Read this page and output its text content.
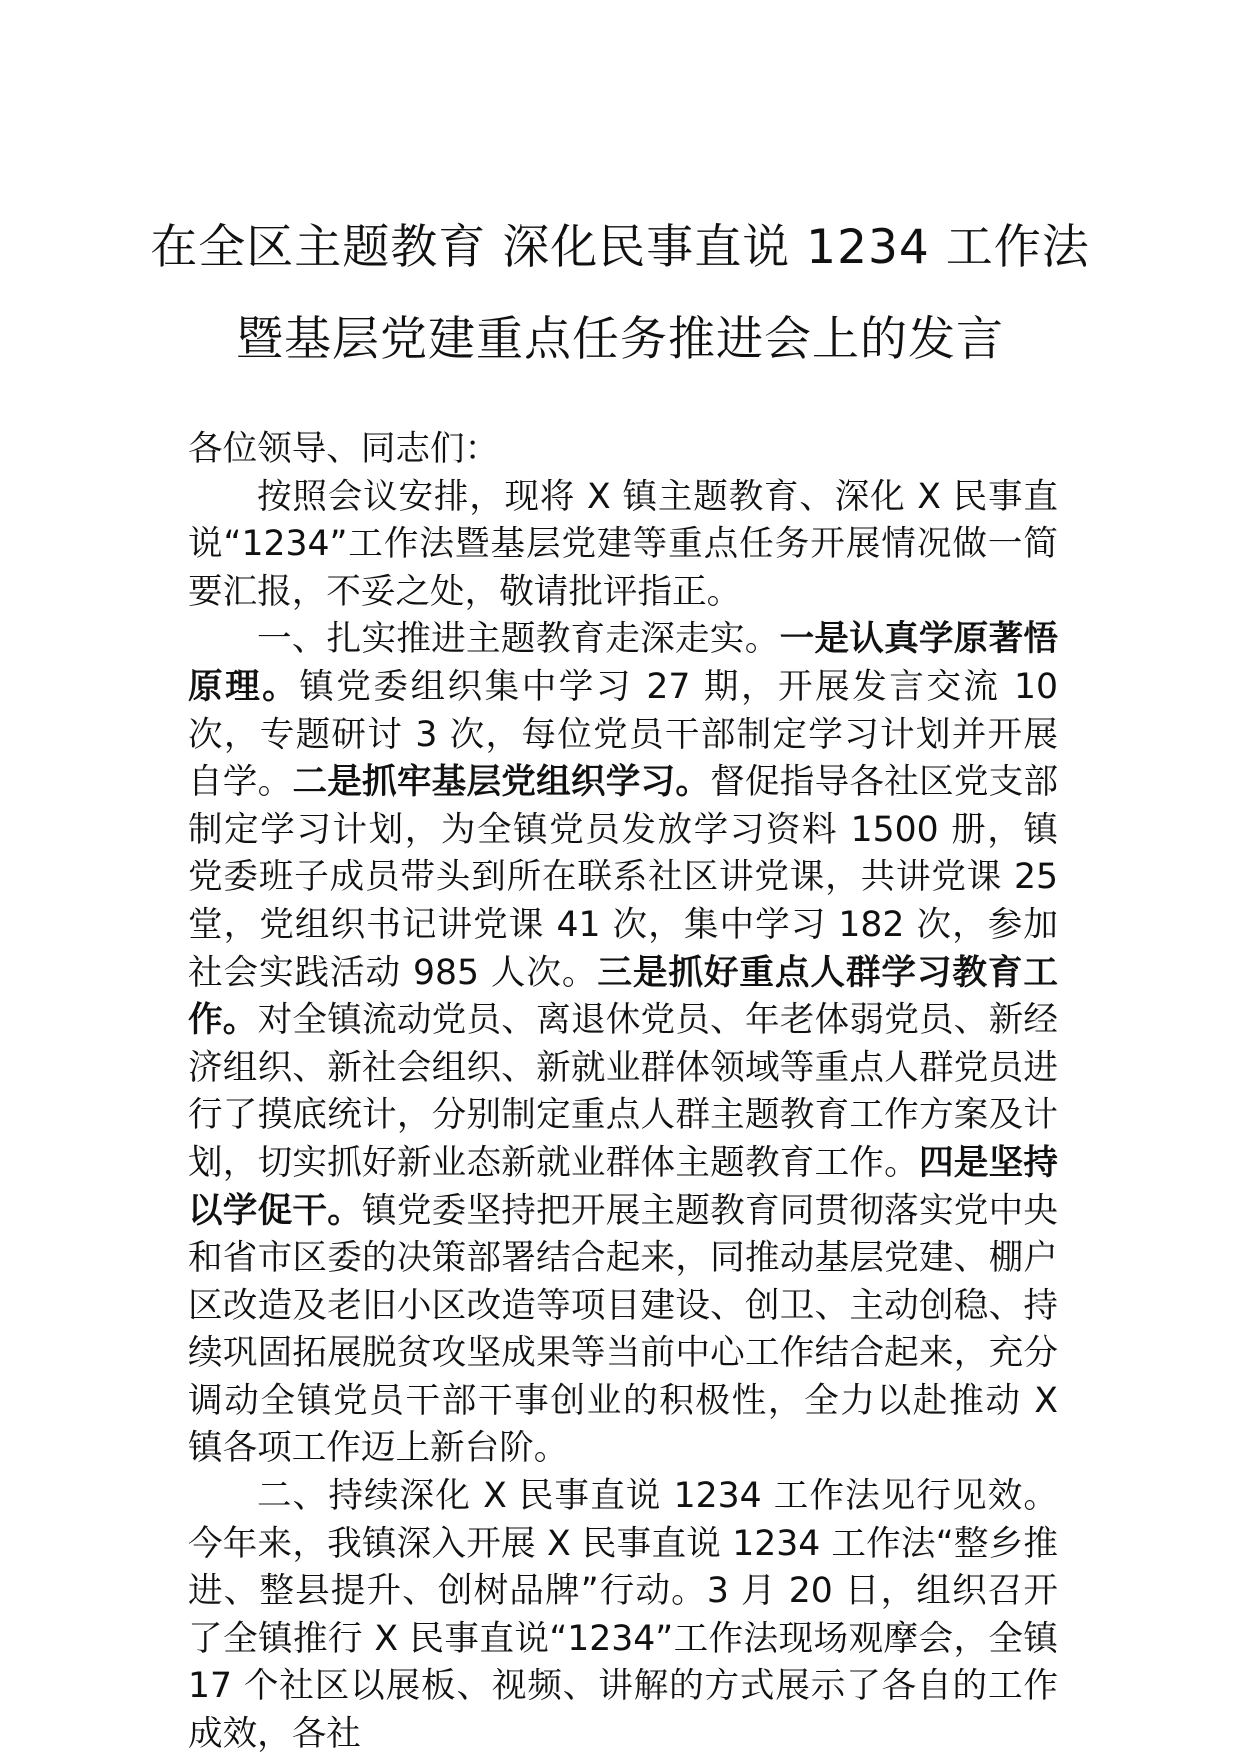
在全区主题教育 深化民事直说 1234 工作法
暨基层党建重点任务推进会上的发言

各位领导、同志们：

按照会议安排，现将 X 镇主题教育、深化 X 民事直说“1234”工作法暨基层党建等重点任务开展情况做一简要汇报，不妥之处，敬请批评指正。

一、扎实推进主题教育走深走实。一是认真学原著悟原理。镇党委组织集中学习 27 期，开展发言交流 10 次，专题研讨 3 次，每位党员干部制定学习计划并开展自学。二是抓牢基层党组织学习。督促指导各社区党支部制定学习计划，为全镇党员发放学习资料 1500 册，镇党委班子成员带头到所在联系社区讲党课，共讲党课 25 堂，党组织书记讲党课 41 次，集中学习 182 次，参加社会实践活动 985 人次。三是抓好重点人群学习教育工作。对全镇流动党员、离退休党员、年老体弱党员、新经济组织、新社会组织、新就业群体领域等重点人群党员进行了摸底统计，分别制定重点人群主题教育工作方案及计划，切实抓好新业态新就业群体主题教育工作。四是坚持以学促干。镇党委坚持把开展主题教育同贯彻落实党中央和省市区委的决策部署结合起来，同推动基层党建、棚户区改造及老旧小区改造等项目建设、创卫、主动创稳、持续巩固拓展脱贫攻坚成果等当前中心工作结合起来，充分调动全镇党员干部干事创业的积极性，全力以赴推动 X 镇各项工作迈上新台阶。

二、持续深化 X 民事直说 1234 工作法见行见效。今年来，我镇深入开展 X 民事直说 1234 工作法“整乡推进、整县提升、创树品牌”行动。3 月 20 日，组织召开了全镇推行 X 民事直说“1234”工作法现场观摩会，全镇 17 个社区以展板、视频、讲解的方式展示了各自的工作成效，各社
